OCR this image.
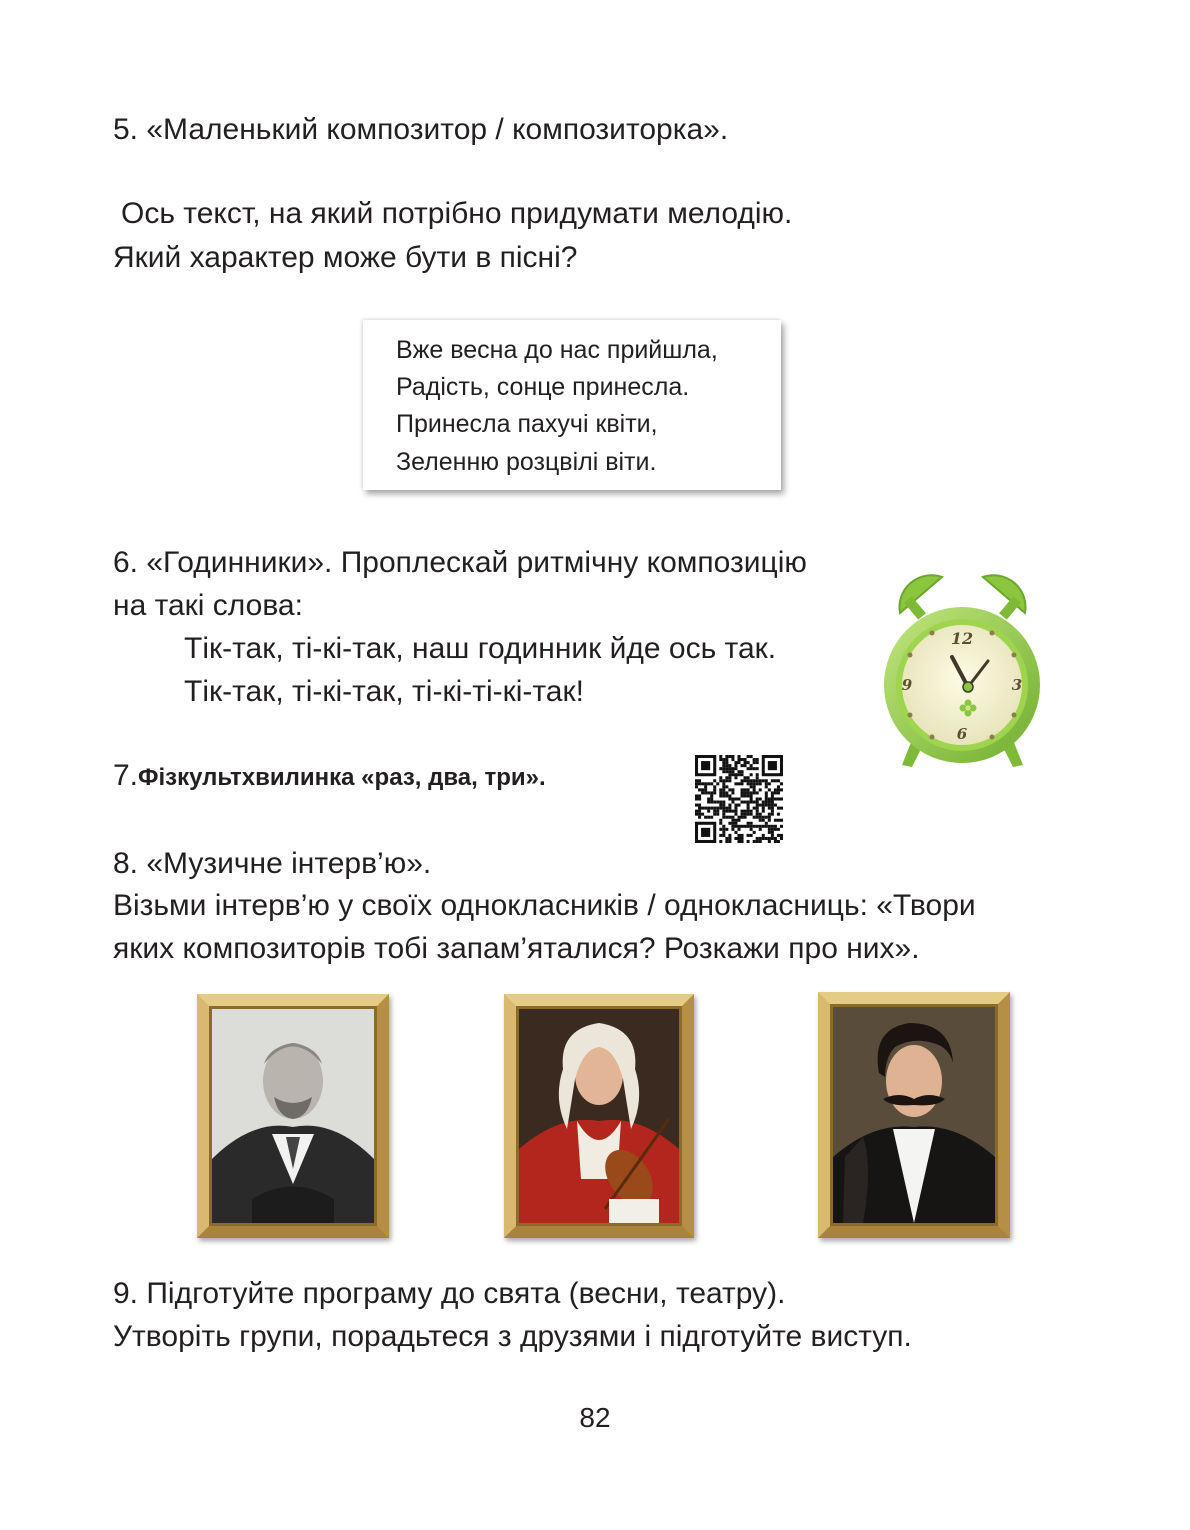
5. «Маленький композитор / композиторка».
Ось текст, на який потрібно придумати мелодію.
Який характер може бути в пісні?
Вже весна до нас прийшла,
Радість, сонце принесла.
Принесла пахучі квіти,
Зеленню розцвілі віти.
6. «Годинники». Проплескай ритмічну композицію
на такі слова:
Тік-так, ті-кі-так, наш годинник йде ось так.
Тік-так, ті-кі-так, ті-кі-ті-кі-так!
12
3
6
9
7.Фізкультхвилинка «раз, два, три».
8. «Музичне інтерв’ю».
Візьми інтерв’ю у своїх однокласників / однокласниць: «Твори
яких композиторів тобі запам’яталися? Розкажи про них».
9. Підготуйте програму до свята (весни, театру).
Утворіть групи, порадьтеся з друзями і підготуйте виступ.
82
